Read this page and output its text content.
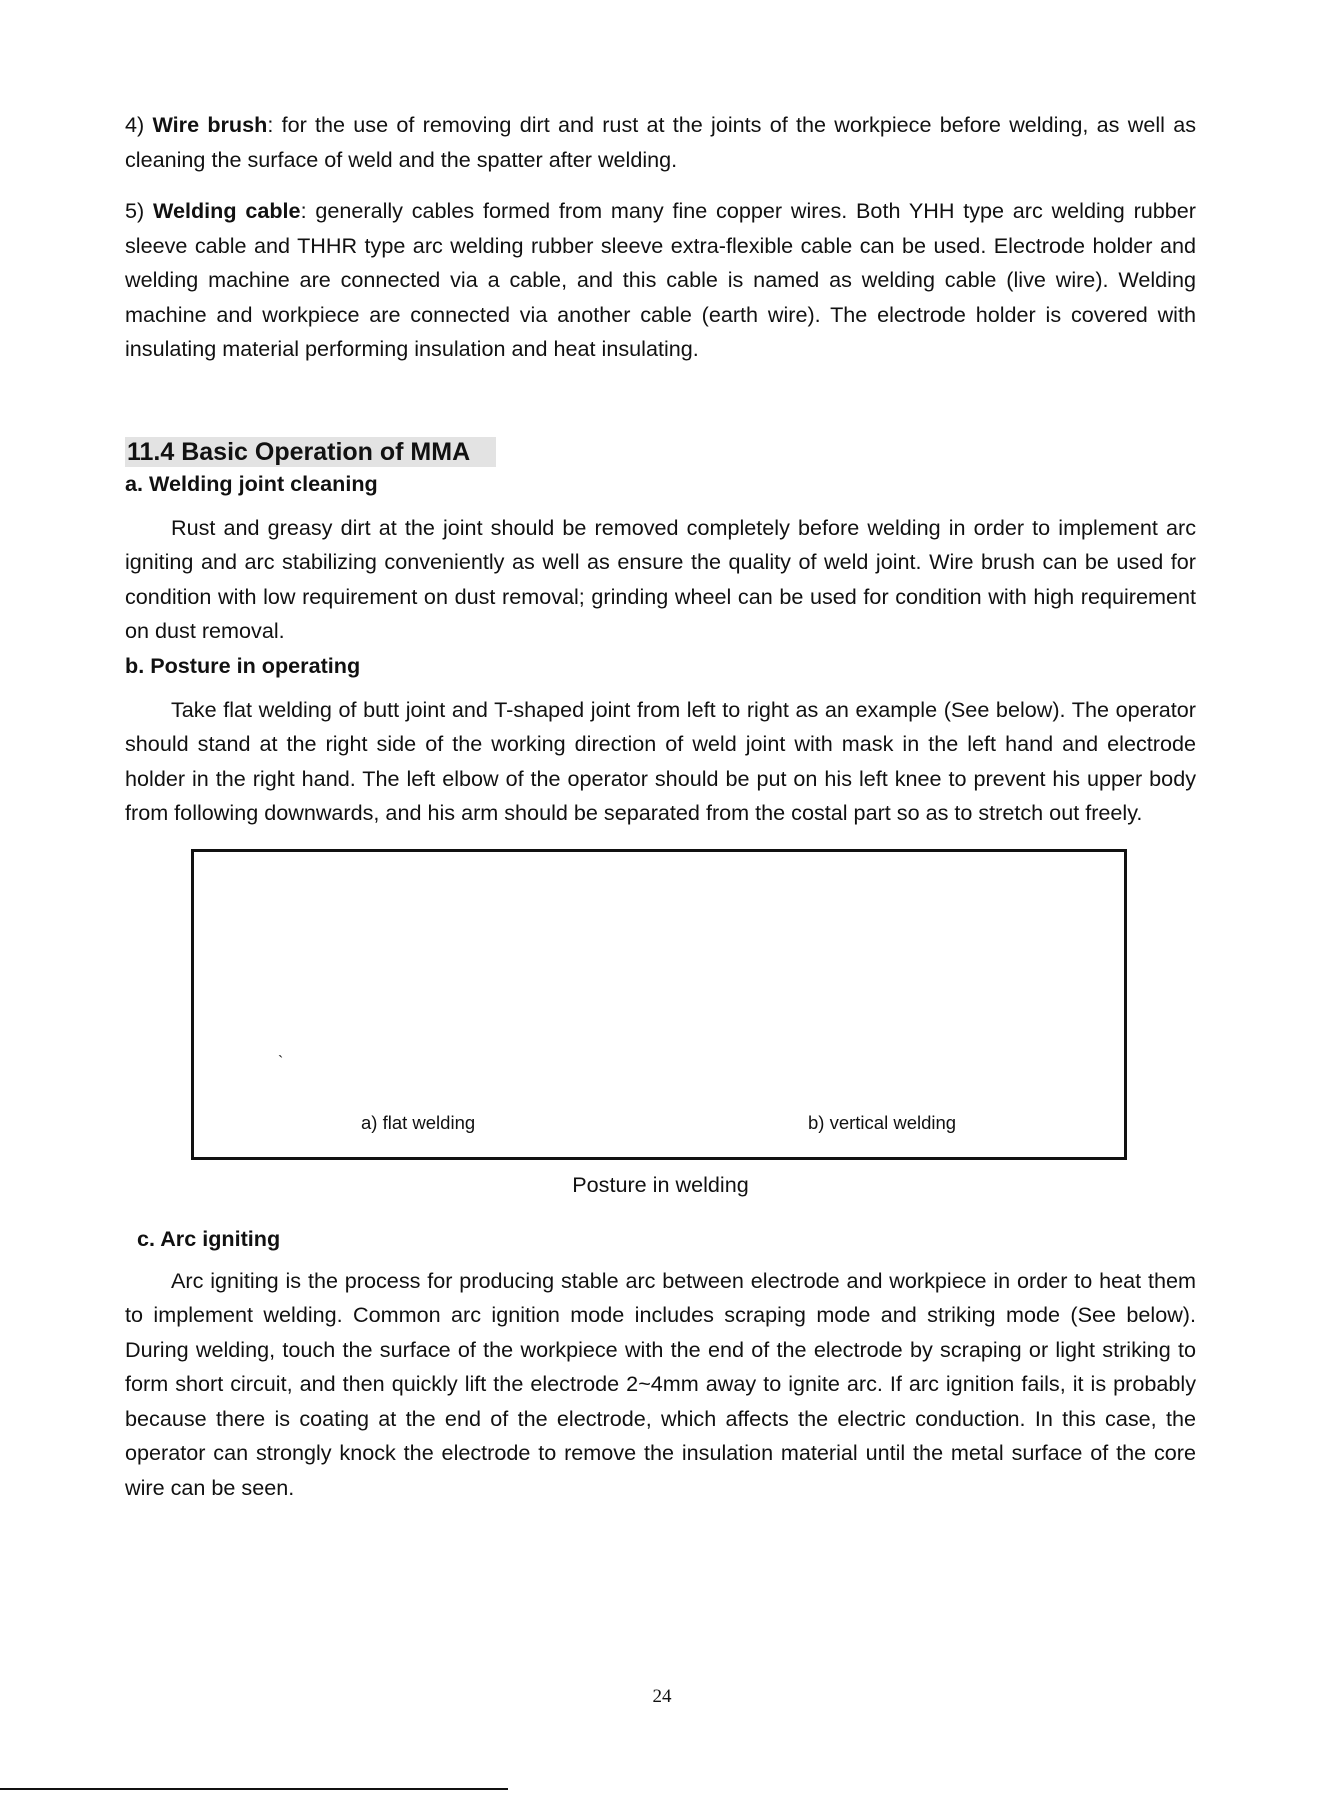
4) Wire brush: for the use of removing dirt and rust at the joints of the workpiece before welding, as well as cleaning the surface of weld and the spatter after welding.

5) Welding cable: generally cables formed from many fine copper wires. Both YHH type arc welding rubber sleeve cable and THHR type arc welding rubber sleeve extra-flexible cable can be used. Electrode holder and welding machine are connected via a cable, and this cable is named as welding cable (live wire). Welding machine and workpiece are connected via another cable (earth wire). The electrode holder is covered with insulating material performing insulation and heat insulating.

11.4 Basic Operation of MMA
a. Welding joint cleaning

Rust and greasy dirt at the joint should be removed completely before welding in order to implement arc igniting and arc stabilizing conveniently as well as ensure the quality of weld joint. Wire brush can be used for condition with low requirement on dust removal; grinding wheel can be used for condition with high requirement on dust removal.

b. Posture in operating

Take flat welding of butt joint and T-shaped joint from left to right as an example (See below). The operator should stand at the right side of the working direction of weld joint with mask in the left hand and electrode holder in the right hand. The left elbow of the operator should be put on his left knee to prevent his upper body from following downwards, and his arm should be separated from the costal part so as to stretch out freely.

`
a) flat welding	b) vertical welding
Posture in welding
c. Arc igniting

Arc igniting is the process for producing stable arc between electrode and workpiece in order to heat them to implement welding. Common arc ignition mode includes scraping mode and striking mode (See below). During welding, touch the surface of the workpiece with the end of the electrode by scraping or light striking to form short circuit, and then quickly lift the electrode 2~4mm away to ignite arc. If arc ignition fails, it is probably because there is coating at the end of the electrode, which affects the electric conduction. In this case, the operator can strongly knock the electrode to remove the insulation material until the metal surface of the core wire can be seen.

24
